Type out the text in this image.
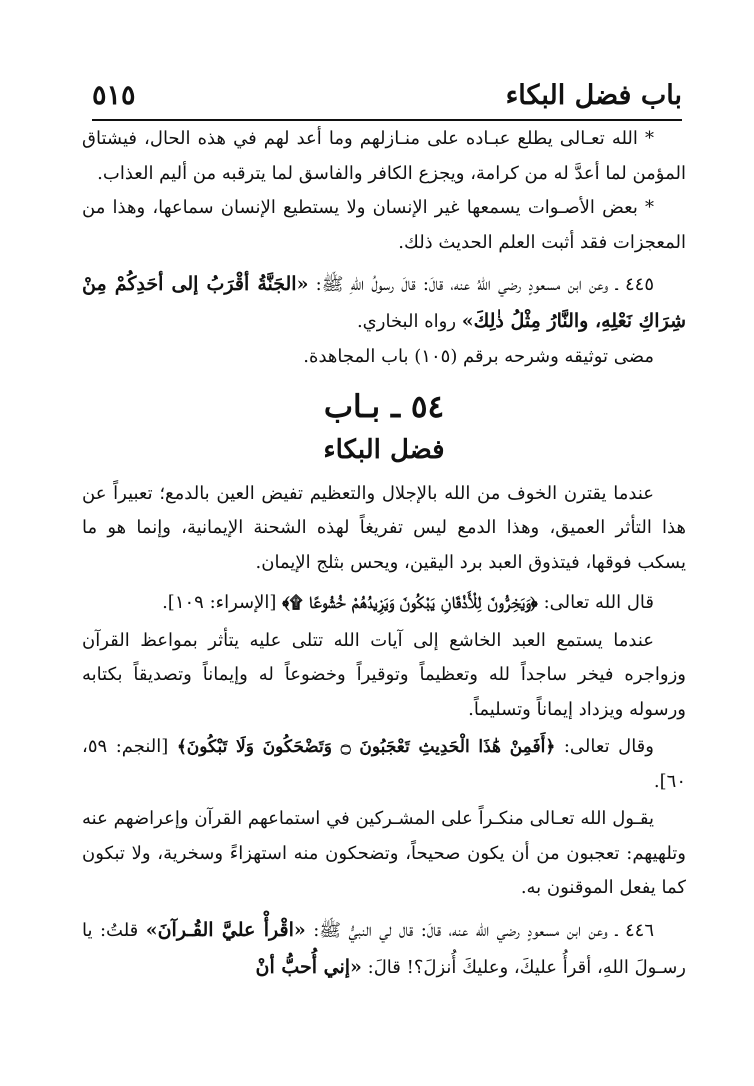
باب فضل البكاء
٥١٥

* الله تعـالى يطلع عبـاده على منـازلهم وما أعد لهم في هذه الحال، فيشتاق المؤمن لما أعدَّ له من كرامة، ويجزع الكافر والفاسق لما يترقبه من أليم العذاب.

* بعض الأصـوات يسمعها غير الإنسان ولا يستطيع الإنسان سماعها، وهذا من المعجزات فقد أثبت العلم الحديث ذلك.

٤٤٥ ـ وعن ابن مسعودٍ رضي اللهُ عنه، قالَ: قالَ رسولُ اللهِ ﷺ: «الجَنَّةُ أقْرَبُ إلى أحَدِكُمْ مِنْ شِرَاكِ نَعْلِهِ، والنَّارُ مِثْلُ ذٰلِكَ» رواه البخاري.

مضى توثيقه وشرحه برقم (١٠٥) باب المجاهدة.

٥٤ ـ بـاب
فضل البكاء

عندما يقترن الخوف من الله بالإجلال والتعظيم تفيض العين بالدمع؛ تعبيراً عن هذا التأثر العميق، وهذا الدمع ليس تفريغاً لهذه الشحنة الإيمانية، وإنما هو ما يسكب فوقها، فيتذوق العبد برد اليقين، ويحس بثلج الإيمان.

قال الله تعالى: ﴿وَيَخِرُّونَ لِلْأَذْقَانِ يَبْكُونَ وَيَزِيدُهُمْ خُشُوعًا ۩﴾ [الإسراء: ١٠٩].

عندما يستمع العبد الخاشع إلى آيات الله تتلى عليه يتأثر بمواعظ القرآن وزواجره فيخر ساجداً لله وتعظيماً وتوقيراً وخضوعاً له وإيماناً وتصديقاً بكتابه ورسوله ويزداد إيماناً وتسليماً.

وقال تعالى: ﴿أَفَمِنْ هَٰذَا الْحَدِيثِ تَعْجَبُونَ ۝ وَتَضْحَكُونَ وَلَا تَبْكُونَ﴾ [النجم: ٥٩، ٦٠].

يقـول الله تعـالى منكـراً على المشـركين في استماعهم القرآن وإعراضهم عنه وتلهيهم: تعجبون من أن يكون صحيحاً، وتضحكون منه استهزاءً وسخرية، ولا تبكون كما يفعل الموقنون به.

٤٤٦ ـ وعن ابن مسعودٍ رضي الله عنه، قالَ: قال لي النبيُّ ﷺ: «اقْرأْ عليَّ القُـرآنَ» قلتُ: يا رسـولَ اللهِ، أقرأُ عليكَ، وعليكَ أُنزلَ؟! قالَ: «إني أُحبُّ أنْ
